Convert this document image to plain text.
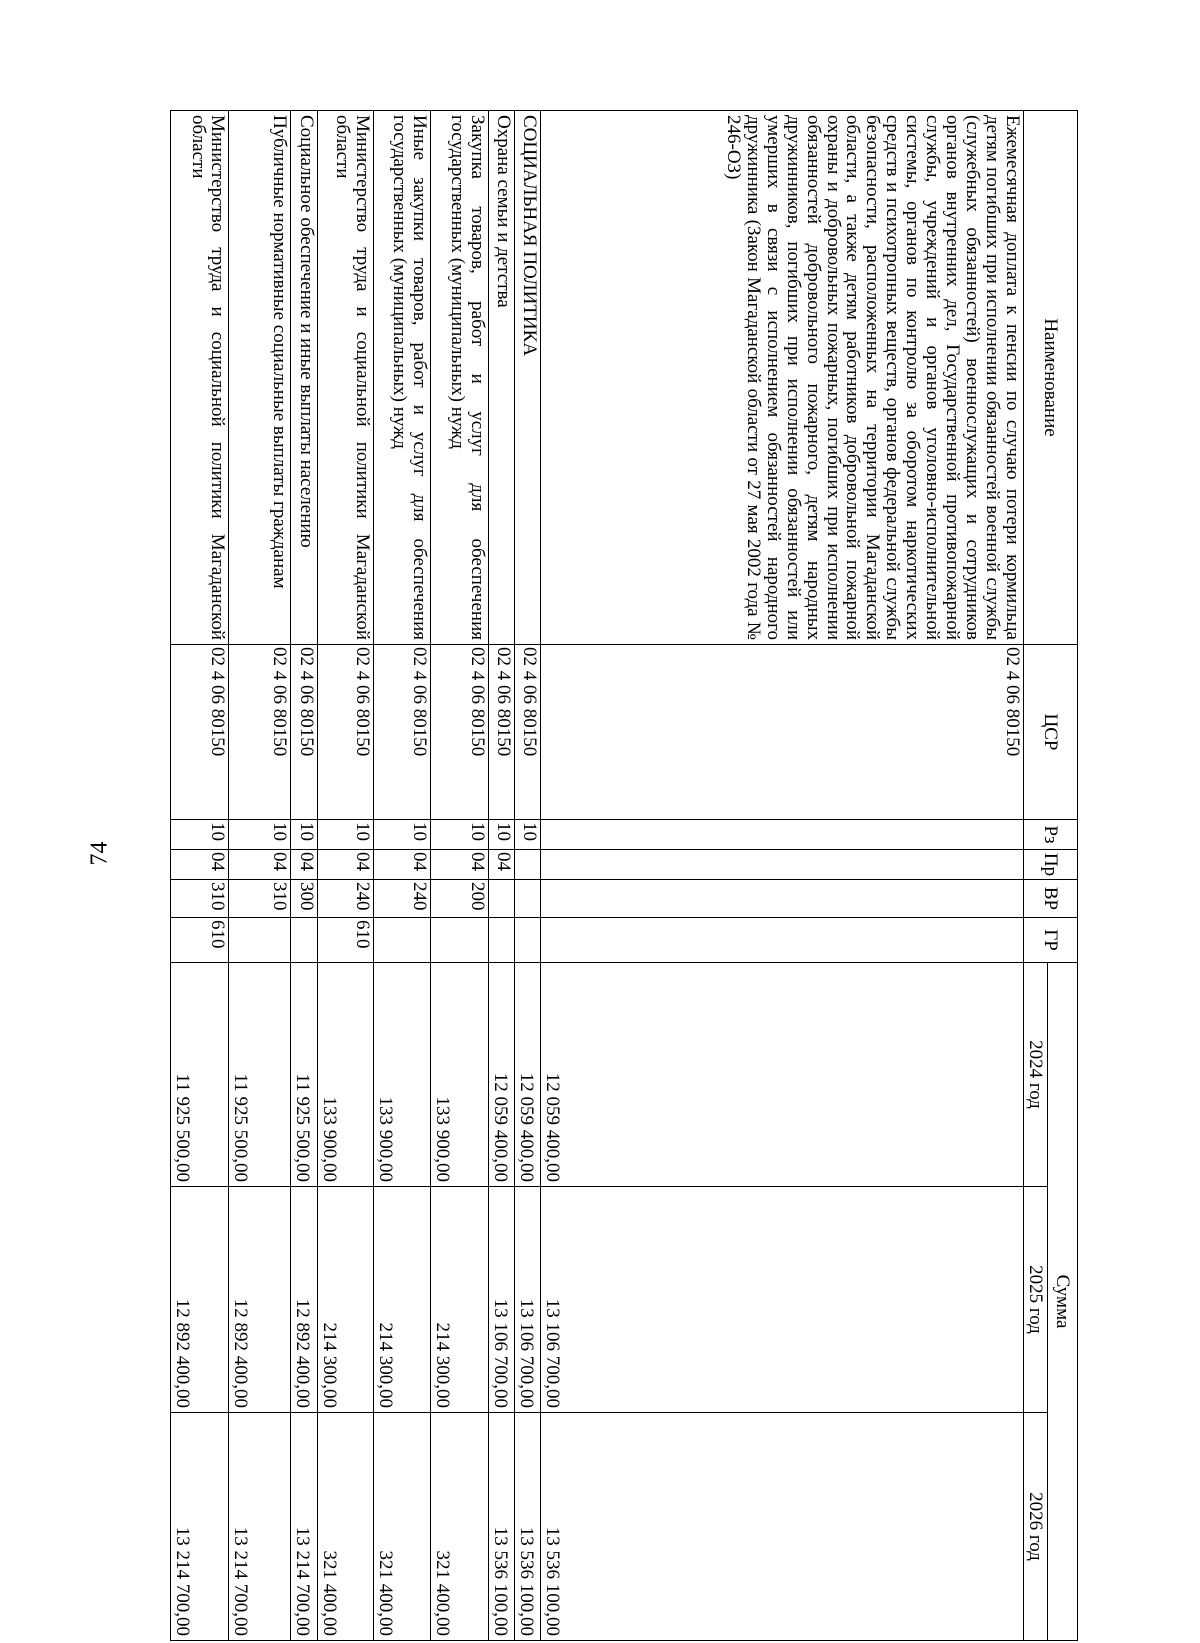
74
Наименование	ЦСР	Рз	Пр	ВР	ГР	Сумма		
						2024 год	2025 год	2026 год
Ежемесячная доплата к пенсии по случаю потери кормильца детям погибших при исполнении обязанностей военной службы (служебных обязанностей) военнослужащих и сотрудников органов внутренних дел, Государственной противопожарной службы, учреждений и органов уголовно-исполнительной системы, органов по контролю за оборотом наркотических средств и психотропных веществ, органов федеральной службы безопасности, расположенных на территории Магаданской области, а также детям работников добровольной пожарной охраны и добровольных пожарных, погибших при исполнении обязанностей добровольного пожарного, детям народных дружинников, погибших при исполнении обязанностей или умерших в связи с исполнением обязанностей народного дружинника (Закон Магаданской области от 27 мая 2002 года № 246-ОЗ)	02 4 06 80150					12 059 400,00	13 106 700,00	13 536 100,00
СОЦИАЛЬНАЯ ПОЛИТИКА	02 4 06 80150	10				12 059 400,00	13 106 700,00	13 536 100,00
Охрана семьи и детства	02 4 06 80150	10	04			12 059 400,00	13 106 700,00	13 536 100,00
Закупка товаров, работ и услуг для обеспечения государственных (муниципальных) нужд	02 4 06 80150	10	04	200		133 900,00	214 300,00	321 400,00
Иные закупки товаров, работ и услуг для обеспечения государственных (муниципальных) нужд	02 4 06 80150	10	04	240		133 900,00	214 300,00	321 400,00
Министерство труда и социальной политики Магаданской области	02 4 06 80150	10	04	240	610	133 900,00	214 300,00	321 400,00
Социальное обеспечение и иные выплаты населению	02 4 06 80150	10	04	300		11 925 500,00	12 892 400,00	13 214 700,00
Публичные нормативные социальные выплаты гражданам	02 4 06 80150	10	04	310		11 925 500,00	12 892 400,00	13 214 700,00
Министерство труда и социальной политики Магаданской области	02 4 06 80150	10	04	310	610	11 925 500,00	12 892 400,00	13 214 700,00
